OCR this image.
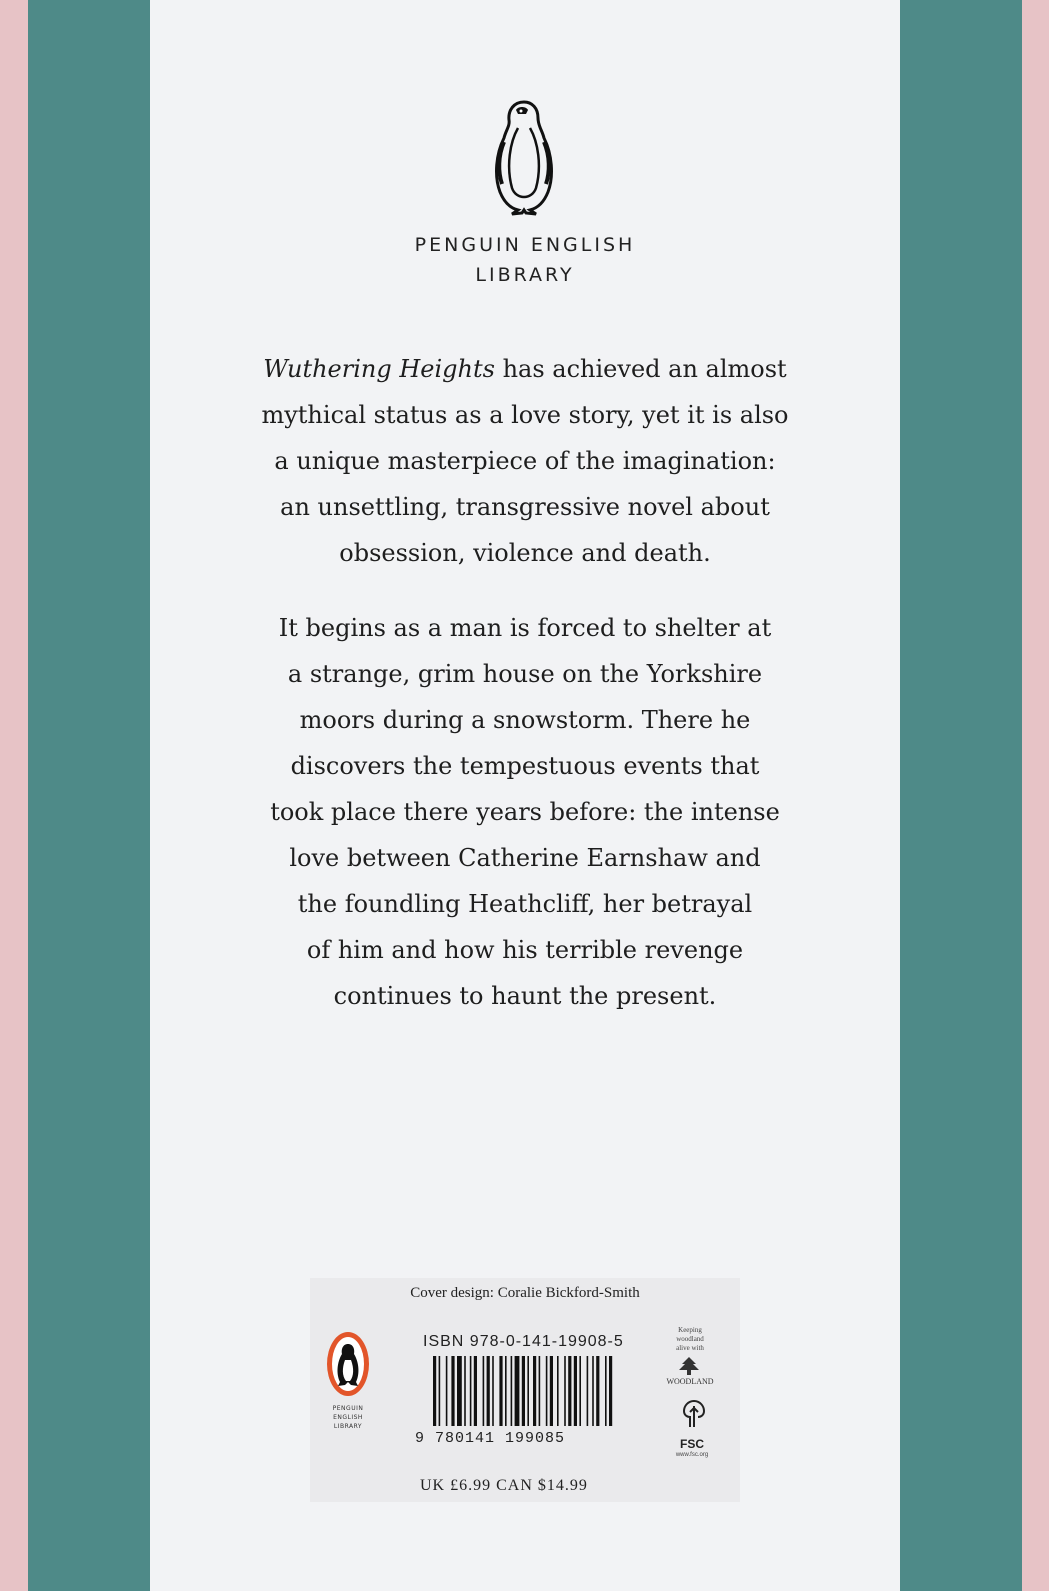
PENGUIN ENGLISH
LIBRARY
Wuthering Heights has achieved an almost
mythical status as a love story, yet it is also
a unique masterpiece of the imagination:
an unsettling, transgressive novel about
obsession, violence and death.
It begins as a man is forced to shelter at
a strange, grim house on the Yorkshire
moors during a snowstorm. There he
discovers the tempestuous events that
took place there years before: the intense
love between Catherine Earnshaw and
the foundling Heathcliff, her betrayal
of him and how his terrible revenge
continues to haunt the present.
Cover design: Coralie Bickford-Smith
PENGUIN
ENGLISH
LIBRARY
ISBN 978-0-141-19908-5
9 780141 199085
UK £6.99 CAN $14.99
Keeping
woodland
alive with
WOODLAND
FSC
www.fsc.org
